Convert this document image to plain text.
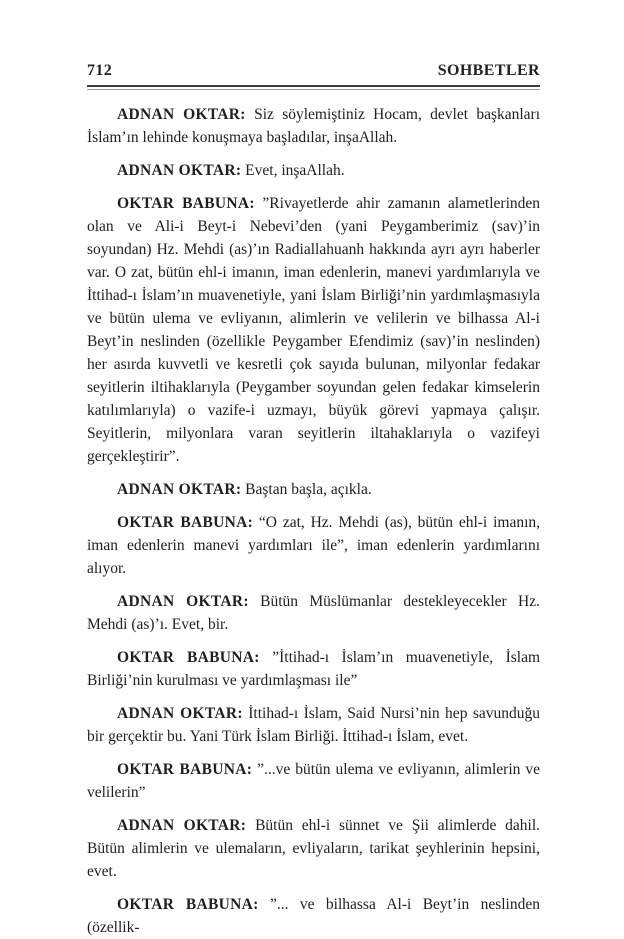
712	SOHBETLER

ADNAN OKTAR: Siz söylemiştiniz Hocam, devlet başkanları İslam’ın lehinde konuşmaya başladılar, inşaAllah.

ADNAN OKTAR: Evet, inşaAllah.

OKTAR BABUNA: ”Rivayetlerde ahir zamanın alametlerinden olan ve Ali-i Beyt-i Nebevi’den (yani Peygamberimiz (sav)’in soyundan) Hz. Mehdi (as)’ın Radiallahuanh hakkında ayrı ayrı haberler var. O zat, bütün ehl-i imanın, iman edenlerin, manevi yardımlarıyla ve İttihad-ı İslam’ın muavenetiyle, yani İslam Birliği’nin yardımlaşmasıyla ve bütün ulema ve evliyanın, alimlerin ve velilerin ve bilhassa Al-i Beyt’in neslinden (özellikle Peygamber Efendimiz (sav)’in neslinden) her asırda kuvvetli ve kesretli çok sayıda bulunan, milyonlar fedakar seyitlerin iltihaklarıyla (Peygamber soyundan gelen fedakar kimselerin katılımlarıyla) o vazife-i uzmayı, büyük görevi yapmaya çalışır. Seyitlerin, milyonlara varan seyitlerin iltahaklarıyla o vazifeyi gerçekleştirir”.

ADNAN OKTAR: Baştan başla, açıkla.

OKTAR BABUNA: “O zat, Hz. Mehdi (as), bütün ehl-i imanın, iman edenlerin manevi yardımları ile”, iman edenlerin yardımlarını alıyor.

ADNAN OKTAR: Bütün Müslümanlar destekleyecekler Hz. Mehdi (as)’ı. Evet, bir.

OKTAR BABUNA: ”İttihad-ı İslam’ın muavenetiyle, İslam Birliği’nin kurulması ve yardımlaşması ile”

ADNAN OKTAR: İttihad-ı İslam, Said Nursi’nin hep savunduğu bir gerçektir bu. Yani Türk İslam Birliği. İttihad-ı İslam, evet.

OKTAR BABUNA: ”...ve bütün ulema ve evliyanın, alimlerin ve velilerin”

ADNAN OKTAR: Bütün ehl-i sünnet ve Şii alimlerde dahil. Bütün alimlerin ve ulemaların, evliyaların, tarikat şeyhlerinin hepsini, evet.

OKTAR BABUNA: ”... ve bilhassa Al-i Beyt’in neslinden (özellik-
